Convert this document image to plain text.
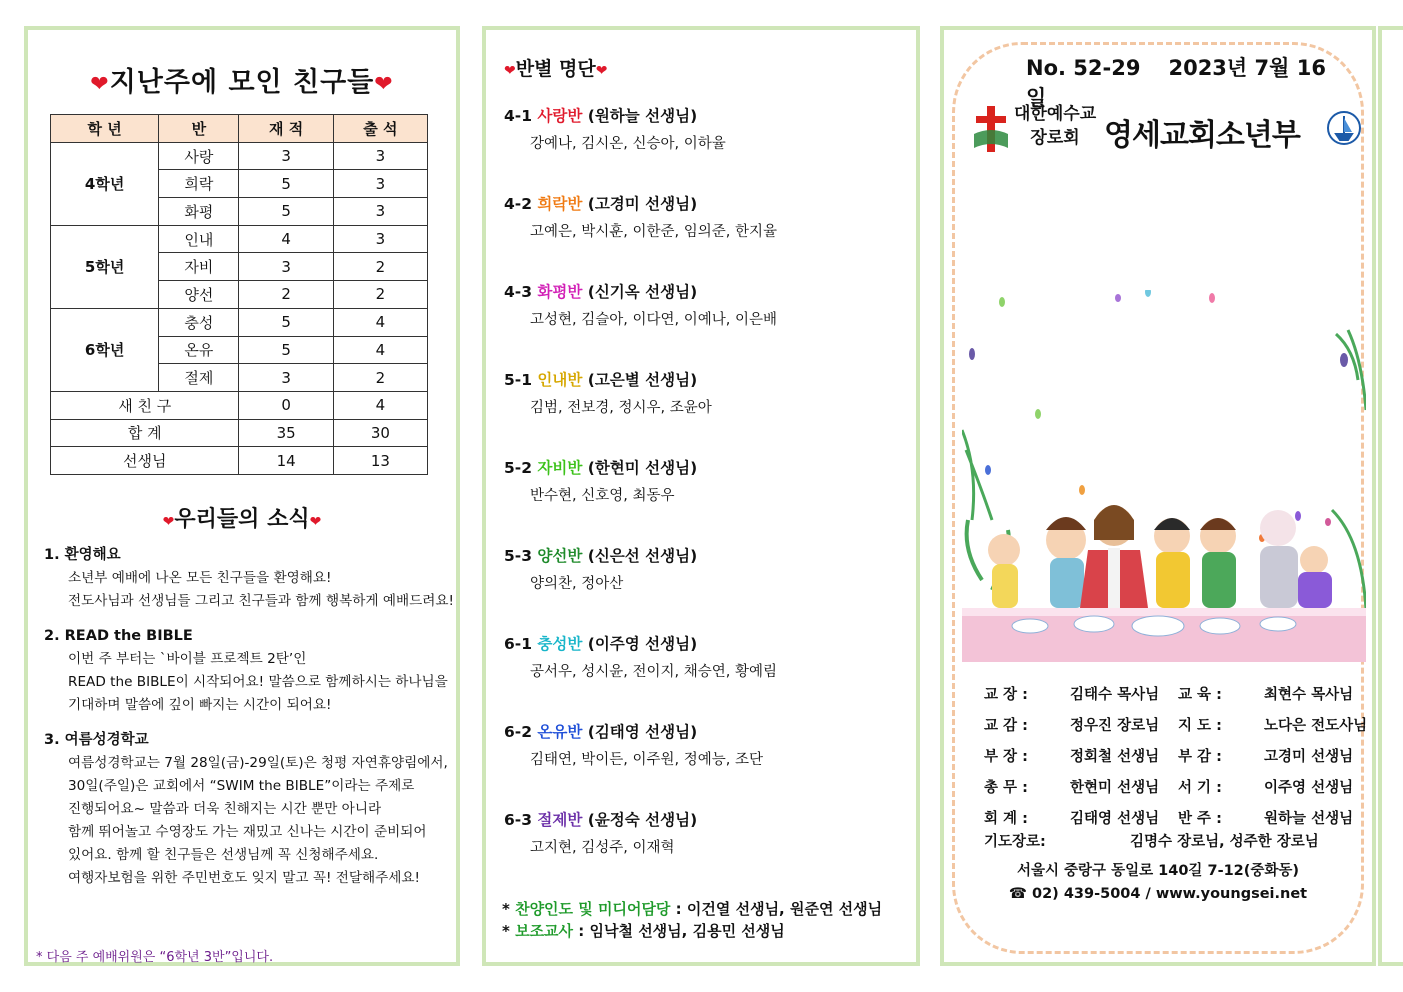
❤지난주에 모인 친구들❤
학 년	반	재 적	출 석
4학년	사랑	3	3
	희락	5	3
	화평	5	3
5학년	인내	4	3
	자비	3	2
	양선	2	2
6학년	충성	5	4
	온유	5	4
	절제	3	2
새 친 구		0	4
합 계		35	30
선생님		14	13
❤우리들의 소식❤
1. 환영해요
소년부 예배에 나온 모든 친구들을 환영해요!
전도사님과 선생님들 그리고 친구들과 함께 행복하게 예배드려요!
2. READ the BIBLE
이번 주 부터는 `바이블 프로젝트 2탄’인
READ the BIBLE이 시작되어요! 말씀으로 함께하시는 하나님을
기대하며 말씀에 깊이 빠지는 시간이 되어요!
3. 여름성경학교
여름성경학교는 7월 28일(금)-29일(토)은 청평 자연휴양림에서,
30일(주일)은 교회에서 “SWIM the BIBLE”이라는 주제로
진행되어요~ 말씀과 더욱 친해지는 시간 뿐만 아니라
함께 뛰어놀고 수영장도 가는 재밌고 신나는 시간이 준비되어
있어요. 함께 할 친구들은 선생님께 꼭 신청해주세요.
여행자보험을 위한 주민번호도 잊지 말고 꼭! 전달해주세요!
* 다음 주 예배위원은 “6학년 3반”입니다.
❤반별 명단❤
4-1 사랑반 (원하늘 선생님)
강예나, 김시온, 신승아, 이하율
4-2 희락반 (고경미 선생님)
고예은, 박시훈, 이한준, 임의준, 한지율
4-3 화평반 (신기옥 선생님)
고성현, 김슬아, 이다연, 이예나, 이은배
5-1 인내반 (고은별 선생님)
김범, 전보경, 정시우, 조윤아
5-2 자비반 (한현미 선생님)
반수현, 신호영, 최동우
5-3 양선반 (신은선 선생님)
양의찬, 정아산
6-1 충성반 (이주영 선생님)
공서우, 성시윤, 전이지, 채승연, 황예림
6-2 온유반 (김태영 선생님)
김태연, 박이든, 이주원, 정예능, 조단
6-3 절제반 (윤정숙 선생님)
고지현, 김성주, 이재혁
* 찬양인도 및 미디어담당 : 이건열 선생님, 원준연 선생님
* 보조교사 : 임낙철 선생님, 김용민 선생님
No. 52-29 2023년 7월 16일
대한예수교
장로회 영세교회소년부
교 장 :	김태수 목사님	교 육 :	최현수 목사님
교 감 :	정우진 장로님	지 도 :	노다은 전도사님
부 장 :	정회철 선생님	부 감 :	고경미 선생님
총 무 :	한현미 선생님	서 기 :	이주영 선생님
회 계 :	김태영 선생님	반 주 :	원하늘 선생님
기도장로:	김명수 장로님, 성주한 장로님
서울시 중랑구 동일로 140길 7-12(중화동)
☎ 02) 439-5004 / www.youngsei.net
